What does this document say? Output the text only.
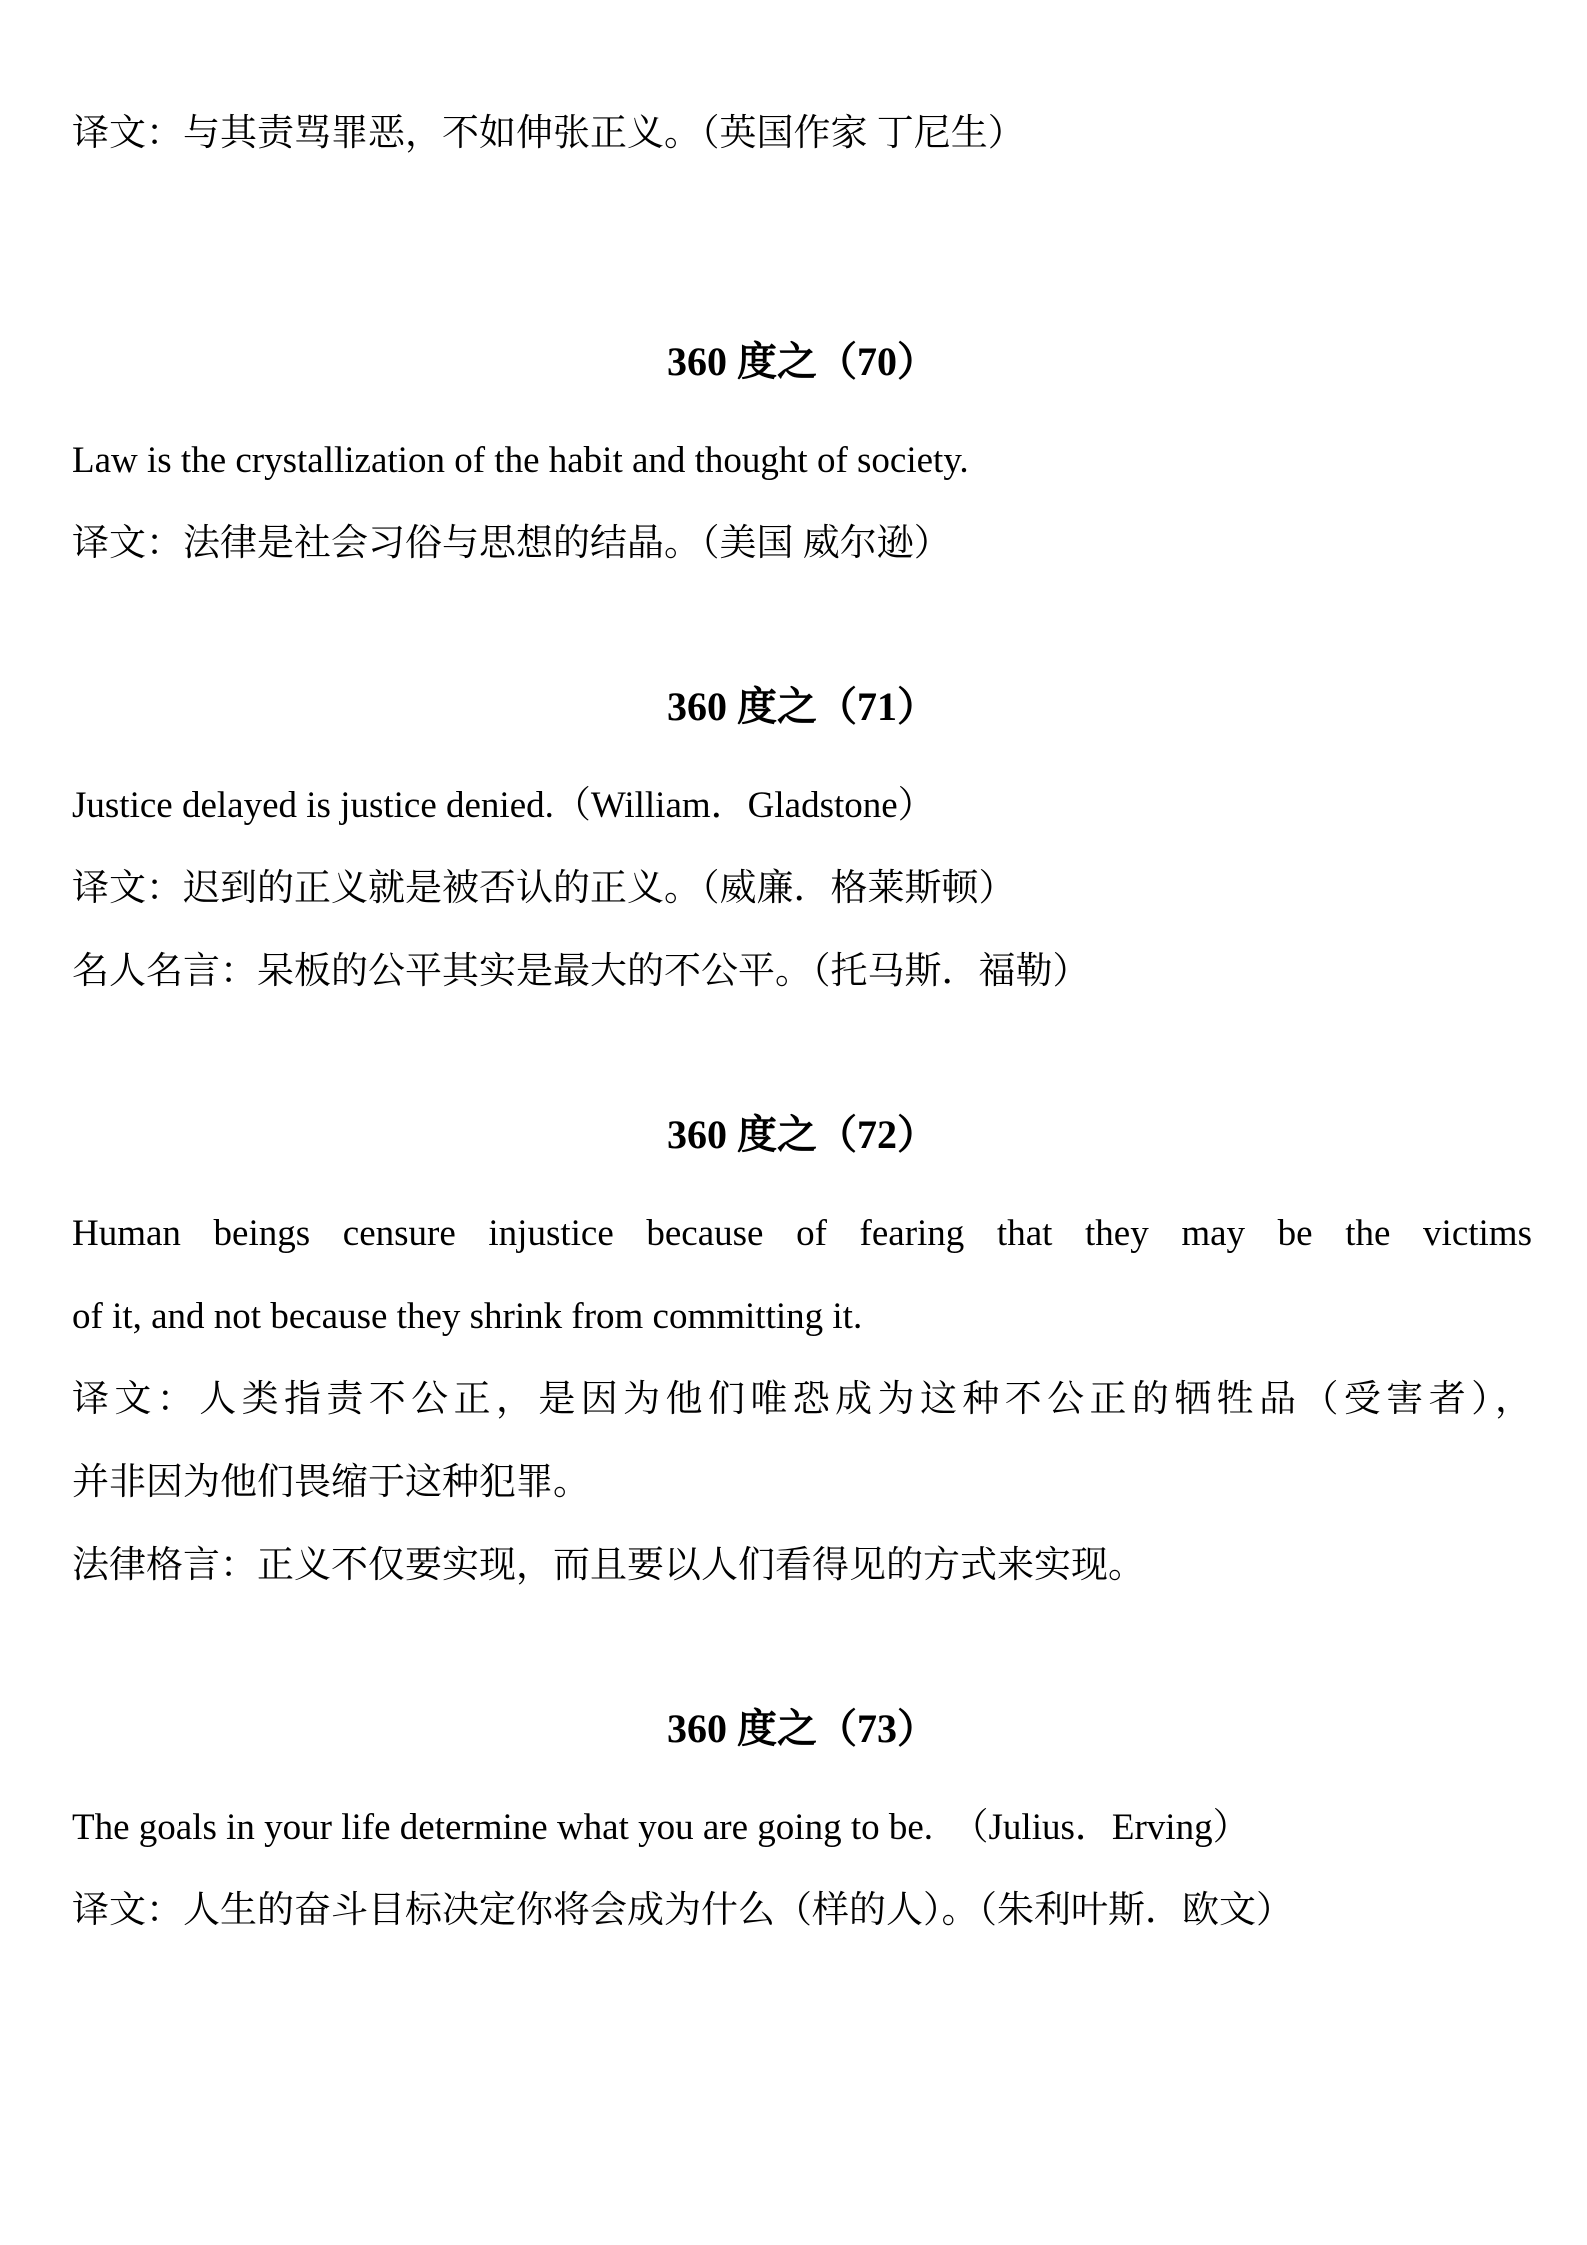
译文：与其责骂罪恶，不如伸张正义。（英国作家 丁尼生）
360 度之（70）
Law is the crystallization of the habit and thought of society.
译文：法律是社会习俗与思想的结晶。（美国 威尔逊）
360 度之（71）
Justice delayed is justice denied.（William．Gladstone）
译文：迟到的正义就是被否认的正义。（威廉．格莱斯顿）
名人名言：呆板的公平其实是最大的不公平。（托马斯．福勒）
360 度之（72）
Human beings censure injustice because of fearing that they may be the victims
of it, and not because they shrink from committing it.
译文：人类指责不公正，是因为他们唯恐成为这种不公正的牺牲品（受害者），
并非因为他们畏缩于这种犯罪。
法律格言：正义不仅要实现，而且要以人们看得见的方式来实现。
360 度之（73）
The goals in your life determine what you are going to be.  （Julius．Erving）
译文：人生的奋斗目标决定你将会成为什么（样的人）。（朱利叶斯．欧文）
